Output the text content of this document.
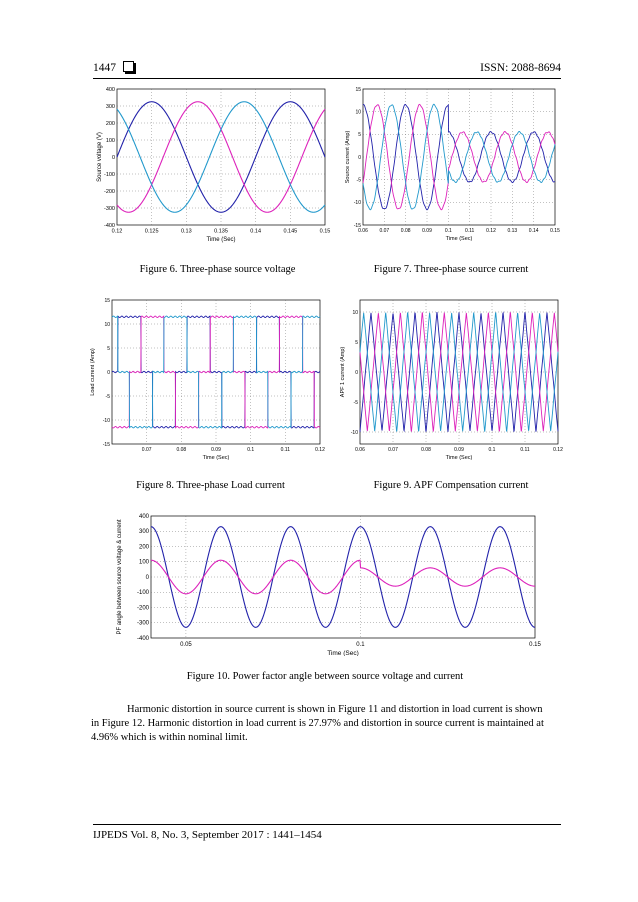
1447	ISSN: 2088-8694
400
300
200
100
0
-100
-200
-300
-400
0.12	0.125	0.13	0.135	0.14	0.145	0.15
Time (Sec)
Source voltage (V)
15
10
5
0
-5
-10
-15
0.06 0.07 0.08 0.09	0.1	0.11 0.12 0.13 0.14 0.15
Time (Sec)
Source current (Amp)
15
10
5
0
-5
-10
-15
0.07	0.08	0.09	0.1	0.11	0.12
Time (Sec)
Load current (Amp)
10
5
0
-5
-10
0.06	0.07	0.08	0.09	0.1	0.11	0.12
Time (Sec)
APF 1 current (Amp)
400
300
200
100
0
-100
-200
-300
-400
0.05	0.1	0.15
Time (Sec)
PF angle between source voltage & current
Figure 6. Three-phase source voltage	Figure 7. Three-phase source current
Figure 8. Three-phase Load current	Figure 9. APF Compensation current
Figure 10. Power factor angle between source voltage and current
Harmonic distortion in source current is shown in Figure 11 and distortion in load current is shown
in Figure 12. Harmonic distortion in load current is 27.97% and distortion in source current is maintained at
4.96% which is within nominal limit.
IJPEDS Vol. 8, No. 3, September 2017 : 1441–1454
